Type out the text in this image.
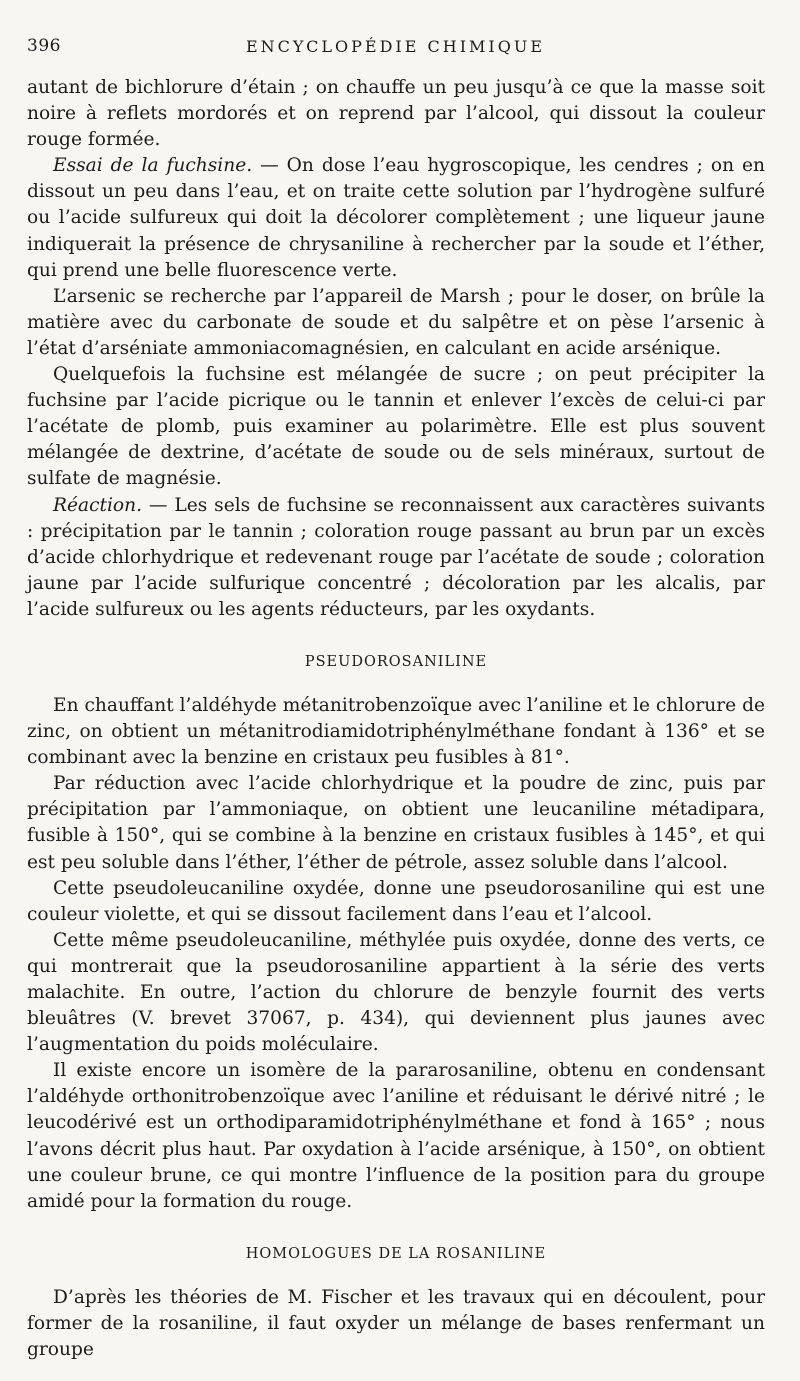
396	ENCYCLOPÉDIE CHIMIQUE

autant de bichlorure d’étain ; on chauffe un peu jusqu’à ce que la masse soit noire à reflets mordorés et on reprend par l’alcool, qui dissout la couleur rouge formée.

Essai de la fuchsine. — On dose l’eau hygroscopique, les cendres ; on en dissout un peu dans l’eau, et on traite cette solution par l’hydrogène sulfuré ou l’acide sulfureux qui doit la décolorer complètement ; une liqueur jaune indiquerait la présence de chrysaniline à rechercher par la soude et l’éther, qui prend une belle fluorescence verte.

L’arsenic se recherche par l’appareil de Marsh ; pour le doser, on brûle la matière avec du carbonate de soude et du salpêtre et on pèse l’arsenic à l’état d’arséniate ammoniacomagnésien, en calculant en acide arsénique.

Quelquefois la fuchsine est mélangée de sucre ; on peut précipiter la fuchsine par l’acide picrique ou le tannin et enlever l’excès de celui-ci par l’acétate de plomb, puis examiner au polarimètre. Elle est plus souvent mélangée de dextrine, d’acétate de soude ou de sels minéraux, surtout de sulfate de magnésie.

Réaction. — Les sels de fuchsine se reconnaissent aux caractères suivants : précipitation par le tannin ; coloration rouge passant au brun par un excès d’acide chlorhydrique et redevenant rouge par l’acétate de soude ; coloration jaune par l’acide sulfurique concentré ; décoloration par les alcalis, par l’acide sulfureux ou les agents réducteurs, par les oxydants.

PSEUDOROSANILINE

En chauffant l’aldéhyde métanitrobenzoïque avec l’aniline et le chlorure de zinc, on obtient un métanitrodiamidotriphénylméthane fondant à 136° et se combinant avec la benzine en cristaux peu fusibles à 81°.

Par réduction avec l’acide chlorhydrique et la poudre de zinc, puis par précipitation par l’ammoniaque, on obtient une leucaniline métadipara, fusible à 150°, qui se combine à la benzine en cristaux fusibles à 145°, et qui est peu soluble dans l’éther, l’éther de pétrole, assez soluble dans l’alcool.

Cette pseudoleucaniline oxydée, donne une pseudorosaniline qui est une couleur violette, et qui se dissout facilement dans l’eau et l’alcool.

Cette même pseudoleucaniline, méthylée puis oxydée, donne des verts, ce qui montrerait que la pseudorosaniline appartient à la série des verts malachite. En outre, l’action du chlorure de benzyle fournit des verts bleuâtres (V. brevet 37067, p. 434), qui deviennent plus jaunes avec l’augmentation du poids moléculaire.

Il existe encore un isomère de la pararosaniline, obtenu en condensant l’aldéhyde orthonitrobenzoïque avec l’aniline et réduisant le dérivé nitré ; le leucodérivé est un orthodiparamidotriphénylméthane et fond à 165° ; nous l’avons décrit plus haut. Par oxydation à l’acide arsénique, à 150°, on obtient une couleur brune, ce qui montre l’influence de la position para du groupe amidé pour la formation du rouge.

HOMOLOGUES DE LA ROSANILINE

D’après les théories de M. Fischer et les travaux qui en découlent, pour former de la rosaniline, il faut oxyder un mélange de bases renfermant un groupe
